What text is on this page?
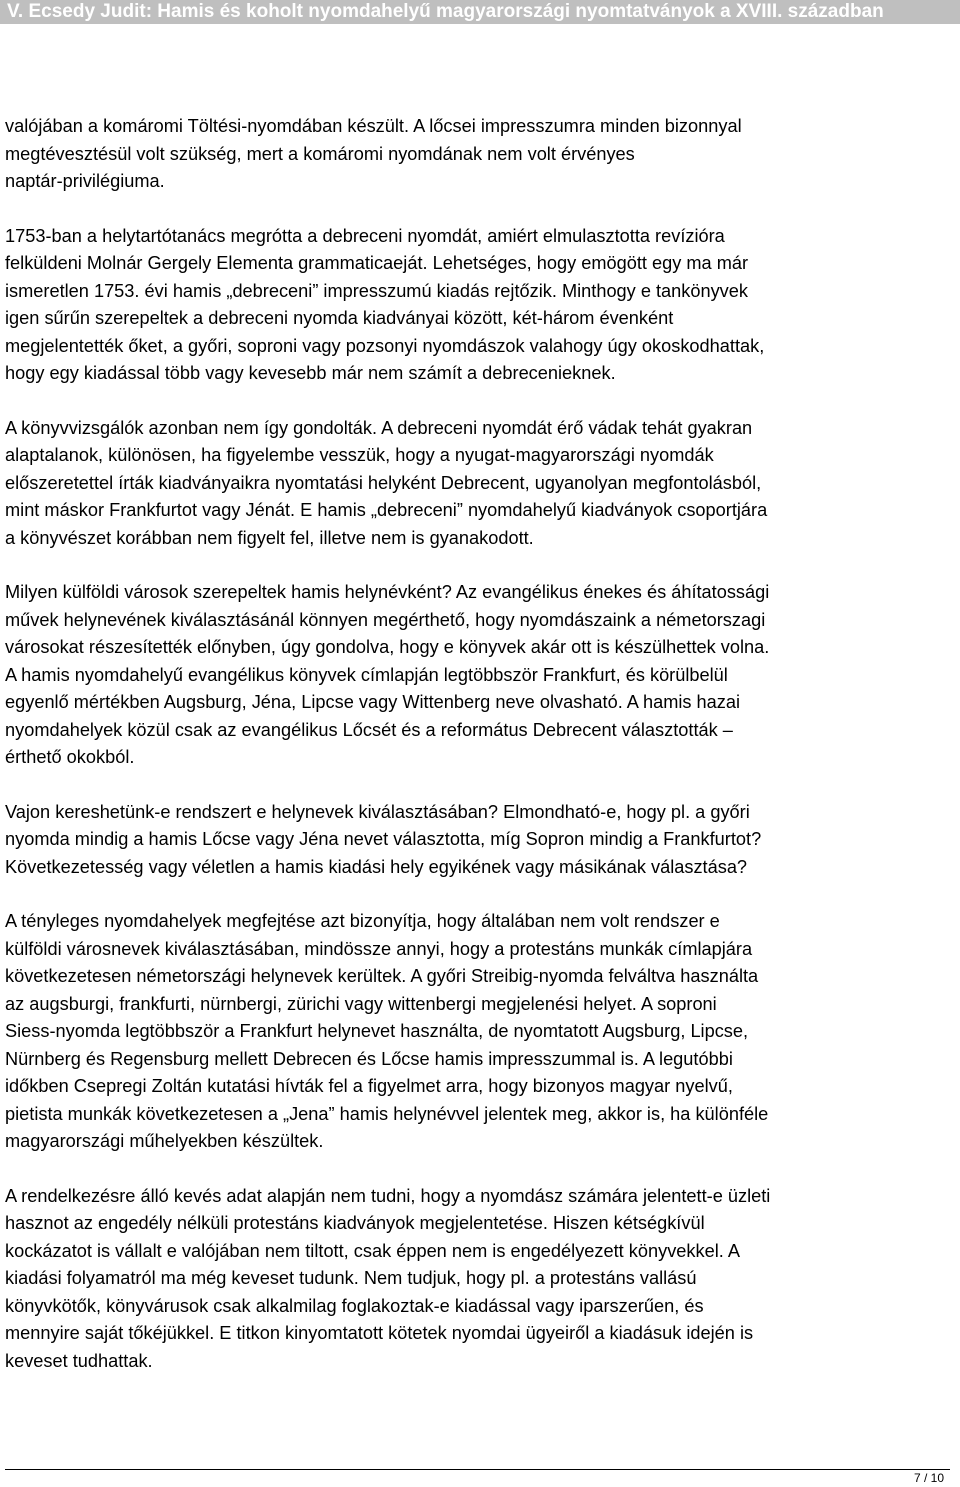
V. Ecsedy Judit: Hamis és koholt nyomdahelyű magyarországi nyomtatványok a XVIII. században

valójában a komáromi Töltési-nyomdában készült. A lőcsei impresszumra minden bizonnyal
megtévesztésül volt szükség, mert a komáromi nyomdának nem volt érvényes
naptár-privilégiuma.

1753-ban a helytartótanács megrótta a debreceni nyomdát, amiért elmulasztotta revízióra
felküldeni Molnár Gergely Elementa grammaticaeját. Lehetséges, hogy emögött egy ma már
ismeretlen 1753. évi hamis „debreceni” impresszumú kiadás rejtőzik. Minthogy e tankönyvek
igen sűrűn szerepeltek a debreceni nyomda kiadványai között, két-három évenként
megjelentették őket, a győri, soproni vagy pozsonyi nyomdászok valahogy úgy okoskodhattak,
hogy egy kiadással több vagy kevesebb már nem számít a debrecenieknek.

A könyvvizsgálók azonban nem így gondolták. A debreceni nyomdát érő vádak tehát gyakran
alaptalanok, különösen, ha figyelembe vesszük, hogy a nyugat-magyarországi nyomdák
előszeretettel írták kiadványaikra nyomtatási helyként Debrecent, ugyanolyan megfontolásból,
mint máskor Frankfurtot vagy Jénát. E hamis „debreceni” nyomdahelyű kiadványok csoportjára
a könyvészet korábban nem figyelt fel, illetve nem is gyanakodott.

Milyen külföldi városok szerepeltek hamis helynévként? Az evangélikus énekes és áhítatossági
művek helynevének kiválasztásánál könnyen megérthető, hogy nyomdászaink a németorszagi
városokat részesítették előnyben, úgy gondolva, hogy e könyvek akár ott is készülhettek volna.
A hamis nyomdahelyű evangélikus könyvek címlapján legtöbbször Frankfurt, és körülbelül
egyenlő mértékben Augsburg, Jéna, Lipcse vagy Wittenberg neve olvasható. A hamis hazai
nyomdahelyek közül csak az evangélikus Lőcsét és a református Debrecent választották –
érthető okokból.

Vajon kereshetünk-e rendszert e helynevek kiválasztásában? Elmondható-e, hogy pl. a győri
nyomda mindig a hamis Lőcse vagy Jéna nevet választotta, míg Sopron mindig a Frankfurtot?
Következetesség vagy véletlen a hamis kiadási hely egyikének vagy másikának választása?

A tényleges nyomdahelyek megfejtése azt bizonyítja, hogy általában nem volt rendszer e
külföldi városnevek kiválasztásában, mindössze annyi, hogy a protestáns munkák címlapjára
következetesen németországi helynevek kerültek. A győri Streibig-nyomda felváltva használta
az augsburgi, frankfurti, nürnbergi, zürichi vagy wittenbergi megjelenési helyet. A soproni
Siess-nyomda legtöbbször a Frankfurt helynevet használta, de nyomtatott Augsburg, Lipcse,
Nürnberg és Regensburg mellett Debrecen és Lőcse hamis impresszummal is. A legutóbbi
időkben Csepregi Zoltán kutatási hívták fel a figyelmet arra, hogy bizonyos magyar nyelvű,
pietista munkák következetesen a „Jena” hamis helynévvel jelentek meg, akkor is, ha különféle
magyarországi műhelyekben készültek.

A rendelkezésre álló kevés adat alapján nem tudni, hogy a nyomdász számára jelentett-e üzleti
hasznot az engedély nélküli protestáns kiadványok megjelentetése. Hiszen kétségkívül
kockázatot is vállalt e valójában nem tiltott, csak éppen nem is engedélyezett könyvekkel. A
kiadási folyamatról ma még keveset tudunk. Nem tudjuk, hogy pl. a protestáns vallású
könyvkötők, könyvárusok csak alkalmilag foglakoztak-e kiadással vagy iparszerűen, és
mennyire saját tőkéjükkel. E titkon kinyomtatott kötetek nyomdai ügyeiről a kiadásuk idején is
keveset tudhattak.

7 / 10
